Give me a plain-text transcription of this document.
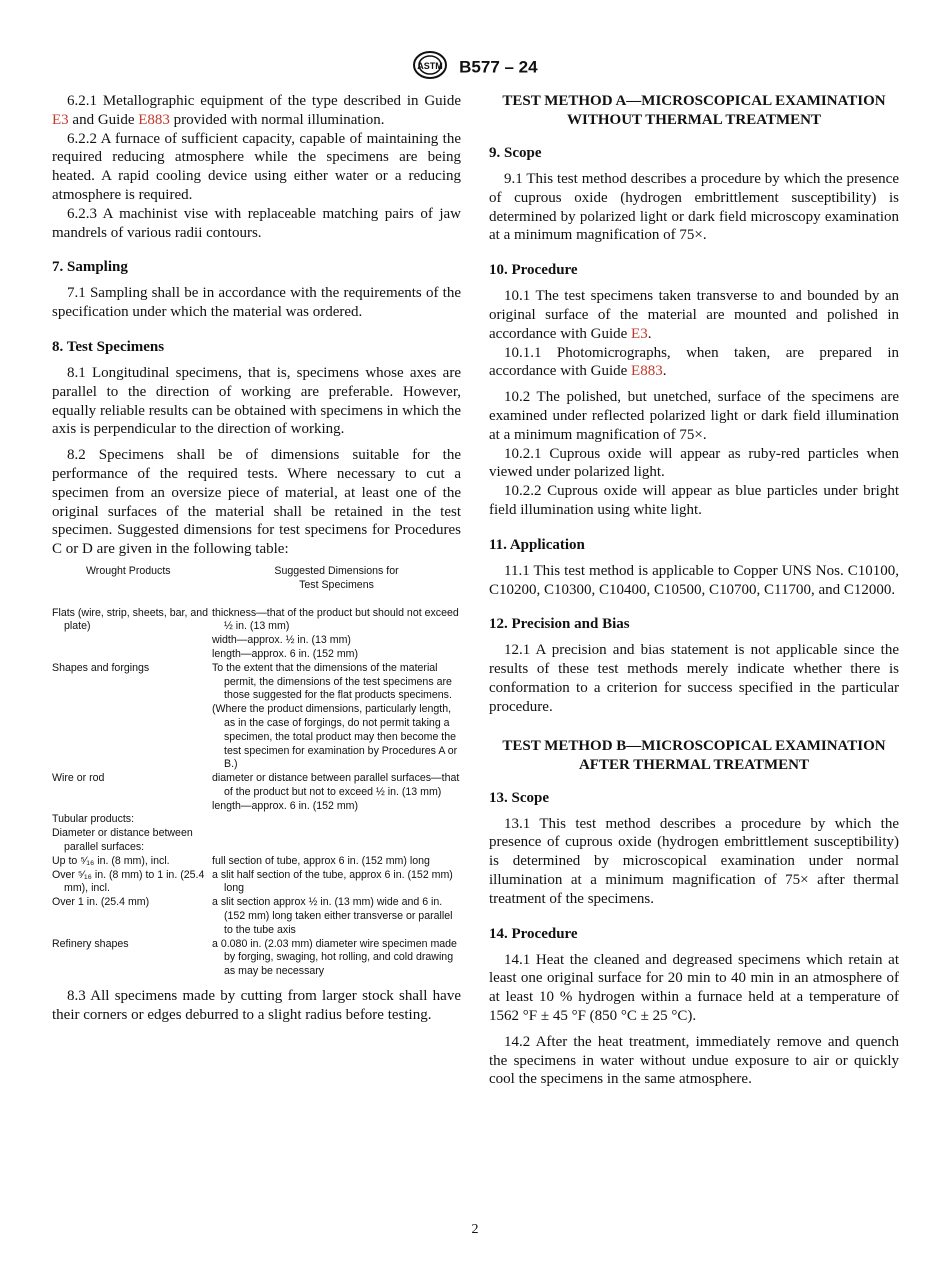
ASTM B577 – 24

6.2.1 Metallographic equipment of the type described in Guide E3 and Guide E883 provided with normal illumination.

6.2.2 A furnace of sufficient capacity, capable of maintaining the required reducing atmosphere while the specimens are being heated. A rapid cooling device using either water or a reducing atmosphere is required.

6.2.3 A machinist vise with replaceable matching pairs of jaw mandrels of various radii contours.

7. Sampling

7.1 Sampling shall be in accordance with the requirements of the specification under which the material was ordered.

8. Test Specimens

8.1 Longitudinal specimens, that is, specimens whose axes are parallel to the direction of working are preferable. However, equally reliable results can be obtained with specimens in which the axis is perpendicular to the direction of working.

8.2 Specimens shall be of dimensions suitable for the performance of the required tests. Where necessary to cut a specimen from an oversize piece of material, at least one of the original surfaces of the material shall be retained in the test specimen. Suggested dimensions for test specimens for Procedures C or D are given in the following table:

Wrought Products	Suggested Dimensions for
Test Specimens

Flats (wire, strip, sheets, bar, and plate)	thickness—that of the product but should not exceed ½ in. (13 mm)
width—approx. ½ in. (13 mm)
length—approx. 6 in. (152 mm)

Shapes and forgings	To the extent that the dimensions of the material permit, the dimensions of the test specimens are those suggested for the flat products specimens.
(Where the product dimensions, particularly length, as in the case of forgings, do not permit taking a specimen, the total product may then become the test specimen for examination by Procedures A or B.)

Wire or rod	diameter or distance between parallel surfaces—that of the product but not to exceed ½ in. (13 mm)
length—approx. 6 in. (152 mm)

Tubular products:	

Diameter or distance between parallel surfaces:	

Up to ⁵⁄₁₆ in. (8 mm), incl.	full section of tube, approx 6 in. (152 mm) long

Over ⁵⁄₁₆ in. (8 mm) to 1 in. (25.4 mm), incl.	a slit half section of the tube, approx 6 in. (152 mm) long

Over 1 in. (25.4 mm)	a slit section approx ½ in. (13 mm) wide and 6 in. (152 mm) long taken either transverse or parallel to the tube axis

Refinery shapes	a 0.080 in. (2.03 mm) diameter wire specimen made by forging, swaging, hot rolling, and cold drawing as may be necessary

8.3 All specimens made by cutting from larger stock shall have their corners or edges deburred to a slight radius before testing.

TEST METHOD A—MICROSCOPICAL EXAMINATION WITHOUT THERMAL TREATMENT
9. Scope

9.1 This test method describes a procedure by which the presence of cuprous oxide (hydrogen embrittlement susceptibility) is determined by polarized light or dark field microscopy examination at a minimum magnification of 75×.

10. Procedure

10.1 The test specimens taken transverse to and bounded by an original surface of the material are mounted and polished in accordance with Guide E3.

10.1.1 Photomicrographs, when taken, are prepared in accordance with Guide E883.

10.2 The polished, but unetched, surface of the specimens are examined under reflected polarized light or dark field illumination at a minimum magnification of 75×.

10.2.1 Cuprous oxide will appear as ruby-red particles when viewed under polarized light.

10.2.2 Cuprous oxide will appear as blue particles under bright field illumination using white light.

11. Application

11.1 This test method is applicable to Copper UNS Nos. C10100, C10200, C10300, C10400, C10500, C10700, C11700, and C12000.

12. Precision and Bias

12.1 A precision and bias statement is not applicable since the results of these test methods merely indicate whether there is conformation to a criterion for success specified in the particular procedure.

TEST METHOD B—MICROSCOPICAL EXAMINATION AFTER THERMAL TREATMENT
13. Scope

13.1 This test method describes a procedure by which the presence of cuprous oxide (hydrogen embrittlement susceptibility) is determined by microscopical examination under normal illumination at a minimum magnification of 75× after thermal treatment of the specimens.

14. Procedure

14.1 Heat the cleaned and degreased specimens which retain at least one original surface for 20 min to 40 min in an atmosphere of at least 10 % hydrogen within a furnace held at a temperature of 1562 °F ± 45 °F (850 °C ± 25 °C).

14.2 After the heat treatment, immediately remove and quench the specimens in water without undue exposure to air or quickly cool the specimens in the same atmosphere.

2
